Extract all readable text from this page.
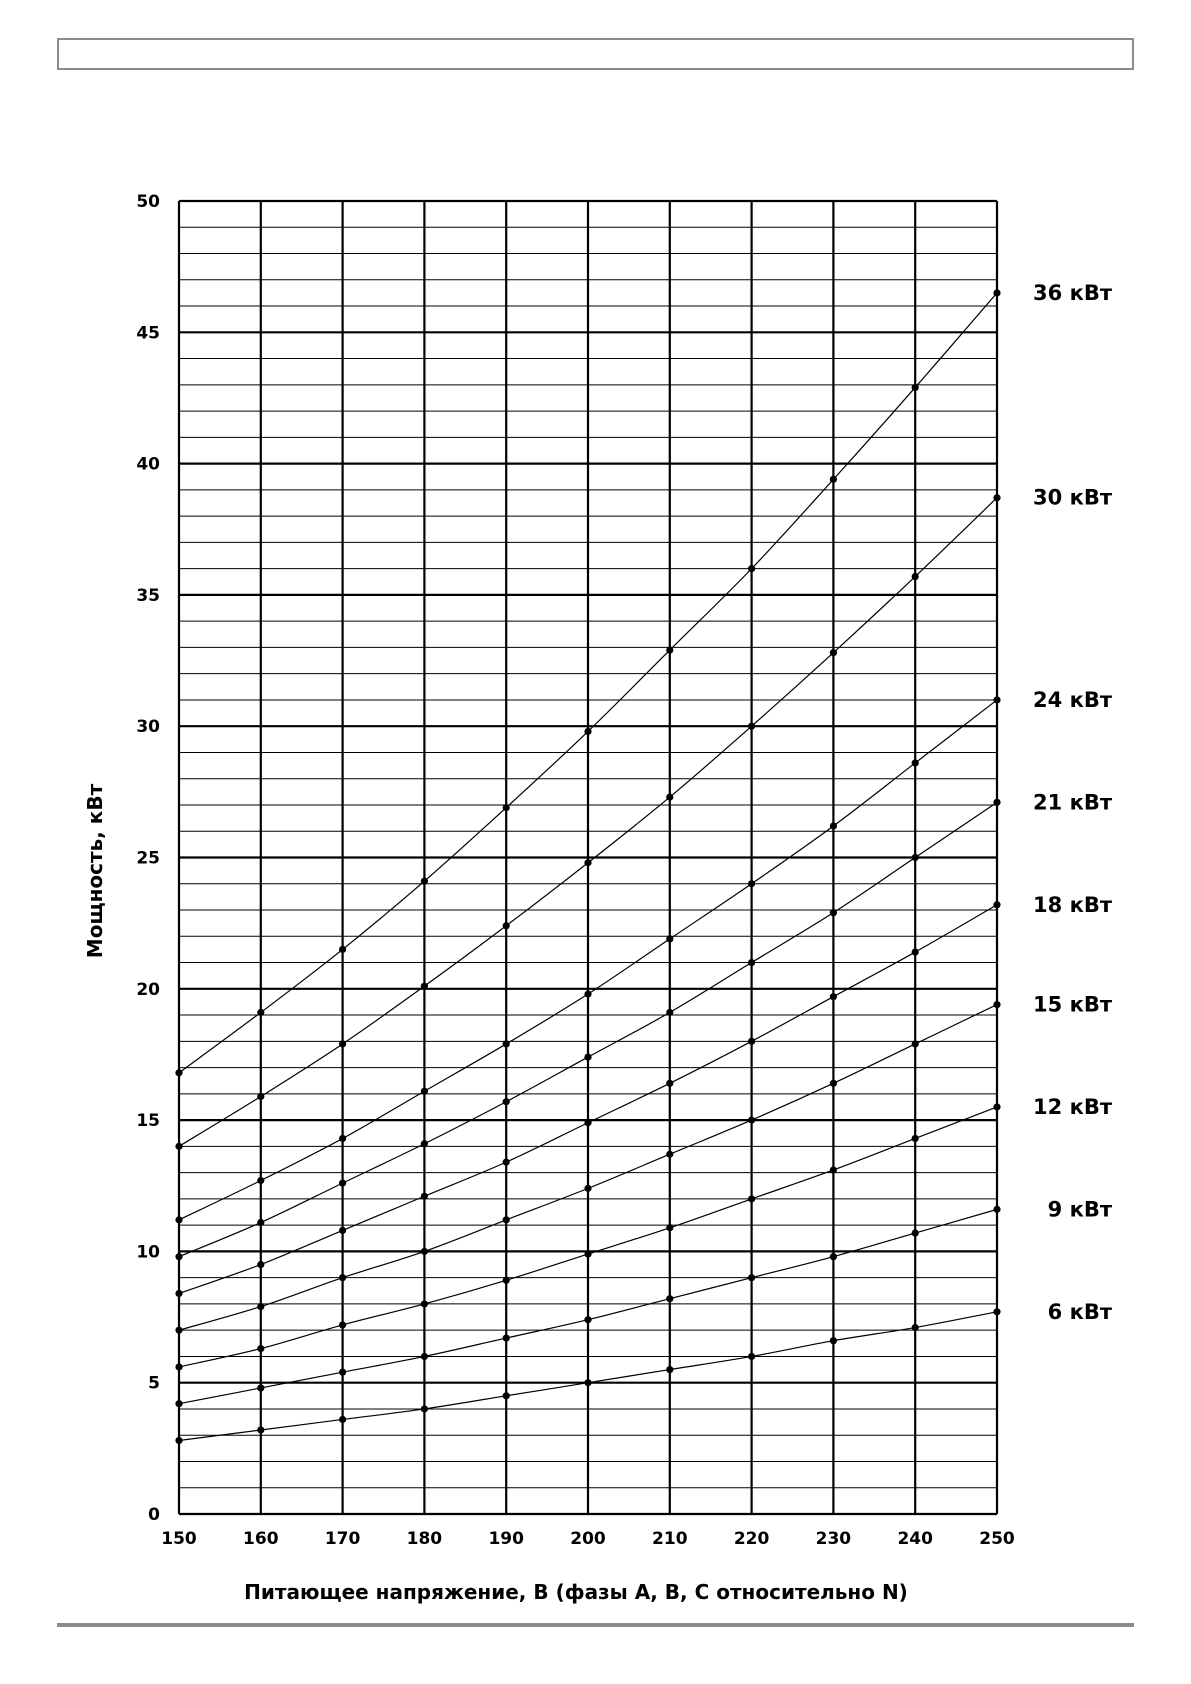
0
5
10
15
20
25
30
35
40
45
50
150	160	170	180	190	200	210	220	230	240	250
36 кВт
30 кВт
24 кВт
21 кВт
18 кВт
15 кВт
12 кВт
9 кВт
6 кВт
Питающее напряжение, В (фазы А, В, С относительно N)
Мощность, кВт
